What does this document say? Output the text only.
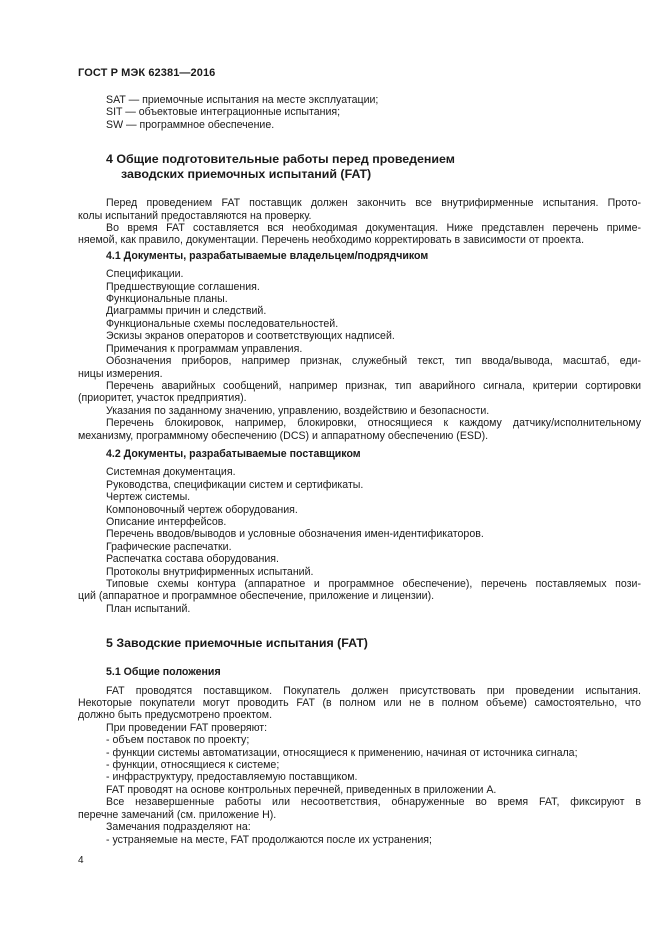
ГОСТ Р МЭК 62381—2016
SAT — приемочные испытания на месте эксплуатации;
SIT — объектовые интеграционные испытания;
SW — программное обеспечение.
4 Общие подготовительные работы перед проведением
заводских приемочных испытаний (FAT)
Перед проведением FAT поставщик должен закончить все внутрифирменные испытания. Прото-
колы испытаний предоставляются на проверку.
Во время FAT составляется вся необходимая документация. Ниже представлен перечень приме-
няемой, как правило, документации. Перечень необходимо корректировать в зависимости от проекта.
4.1 Документы, разрабатываемые владельцем/подрядчиком
Спецификации.
Предшествующие соглашения.
Функциональные планы.
Диаграммы причин и следствий.
Функциональные схемы последовательностей.
Эскизы экранов операторов и соответствующих надписей.
Примечания к программам управления.
Обозначения приборов, например признак, служебный текст, тип ввода/вывода, масштаб, еди-
ницы измерения.
Перечень аварийных сообщений, например признак, тип аварийного сигнала, критерии сортировки
(приоритет, участок предприятия).
Указания по заданному значению, управлению, воздействию и безопасности.
Перечень блокировок, например, блокировки, относящиеся к каждому датчику/исполнительному
механизму, программному обеспечению (DCS) и аппаратному обеспечению (ESD).
4.2 Документы, разрабатываемые поставщиком
Системная документация.
Руководства, спецификации систем и сертификаты.
Чертеж системы.
Компоновочный чертеж оборудования.
Описание интерфейсов.
Перечень вводов/выводов и условные обозначения имен-идентификаторов.
Графические распечатки.
Распечатка состава оборудования.
Протоколы внутрифирменных испытаний.
Типовые схемы контура (аппаратное и программное обеспечение), перечень поставляемых пози-
ций (аппаратное и программное обеспечение, приложение и лицензии).
План испытаний.
5 Заводские приемочные испытания (FAT)
5.1 Общие положения
FAT проводятся поставщиком. Покупатель должен присутствовать при проведении испытания.
Некоторые покупатели могут проводить FAT (в полном или не в полном объеме) самостоятельно, что
должно быть предусмотрено проектом.
При проведении FAT проверяют:
- объем поставок по проекту;
- функции системы автоматизации, относящиеся к применению, начиная от источника сигнала;
- функции, относящиеся к системе;
- инфраструктуру, предоставляемую поставщиком.
FAT проводят на основе контрольных перечней, приведенных в приложении А.
Все незавершенные работы или несоответствия, обнаруженные во время FAT, фиксируют в
перечне замечаний (см. приложение Н).
Замечания подразделяют на:
- устраняемые на месте, FAT продолжаются после их устранения;
4
